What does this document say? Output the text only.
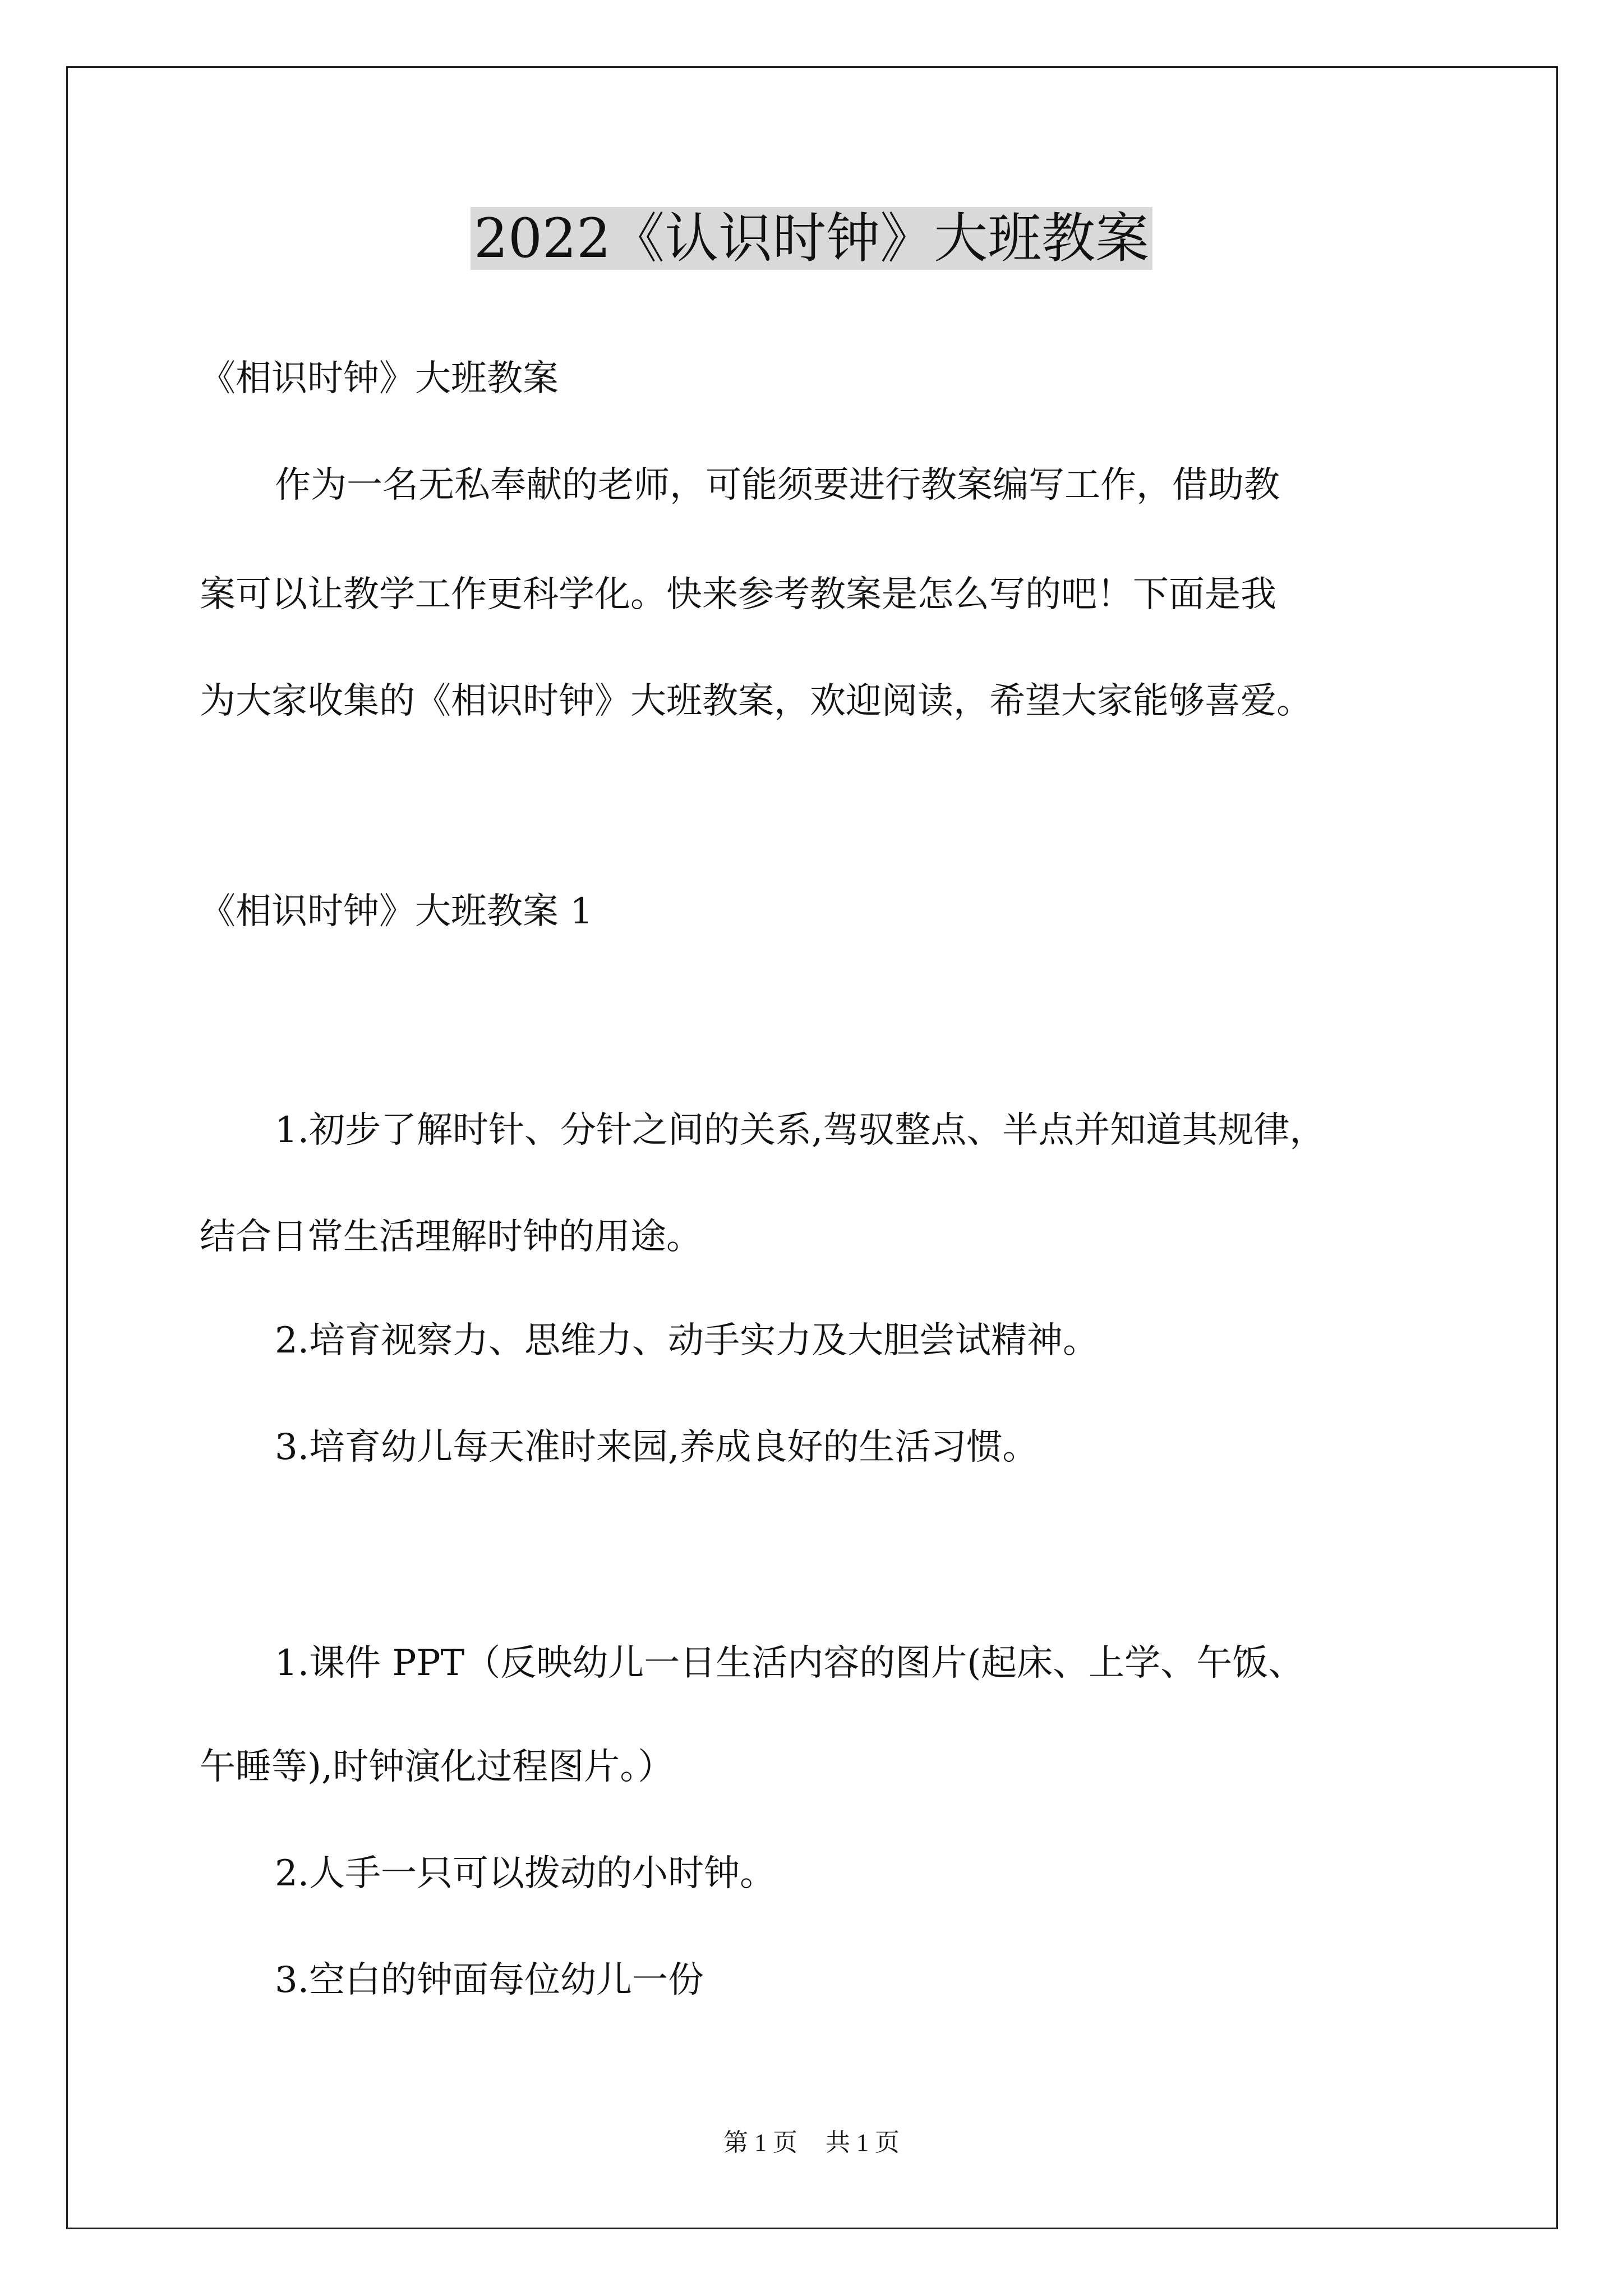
2022《认识时钟》大班教案
《相识时钟》大班教案
作为一名无私奉献的老师，可能须要进行教案编写工作，借助教
案可以让教学工作更科学化。快来参考教案是怎么写的吧！下面是我
为大家收集的《相识时钟》大班教案，欢迎阅读，希望大家能够喜爱。
《相识时钟》大班教案 1
1.初步了解时针、分针之间的关系,驾驭整点、半点并知道其规律，
结合日常生活理解时钟的用途。
2.培育视察力、思维力、动手实力及大胆尝试精神。
3.培育幼儿每天准时来园,养成良好的生活习惯。
1.课件 PPT（反映幼儿一日生活内容的图片(起床、上学、午饭、
午睡等),时钟演化过程图片。）
2.人手一只可以拨动的小时钟。
3.空白的钟面每位幼儿一份
第 1 页 共 1 页
